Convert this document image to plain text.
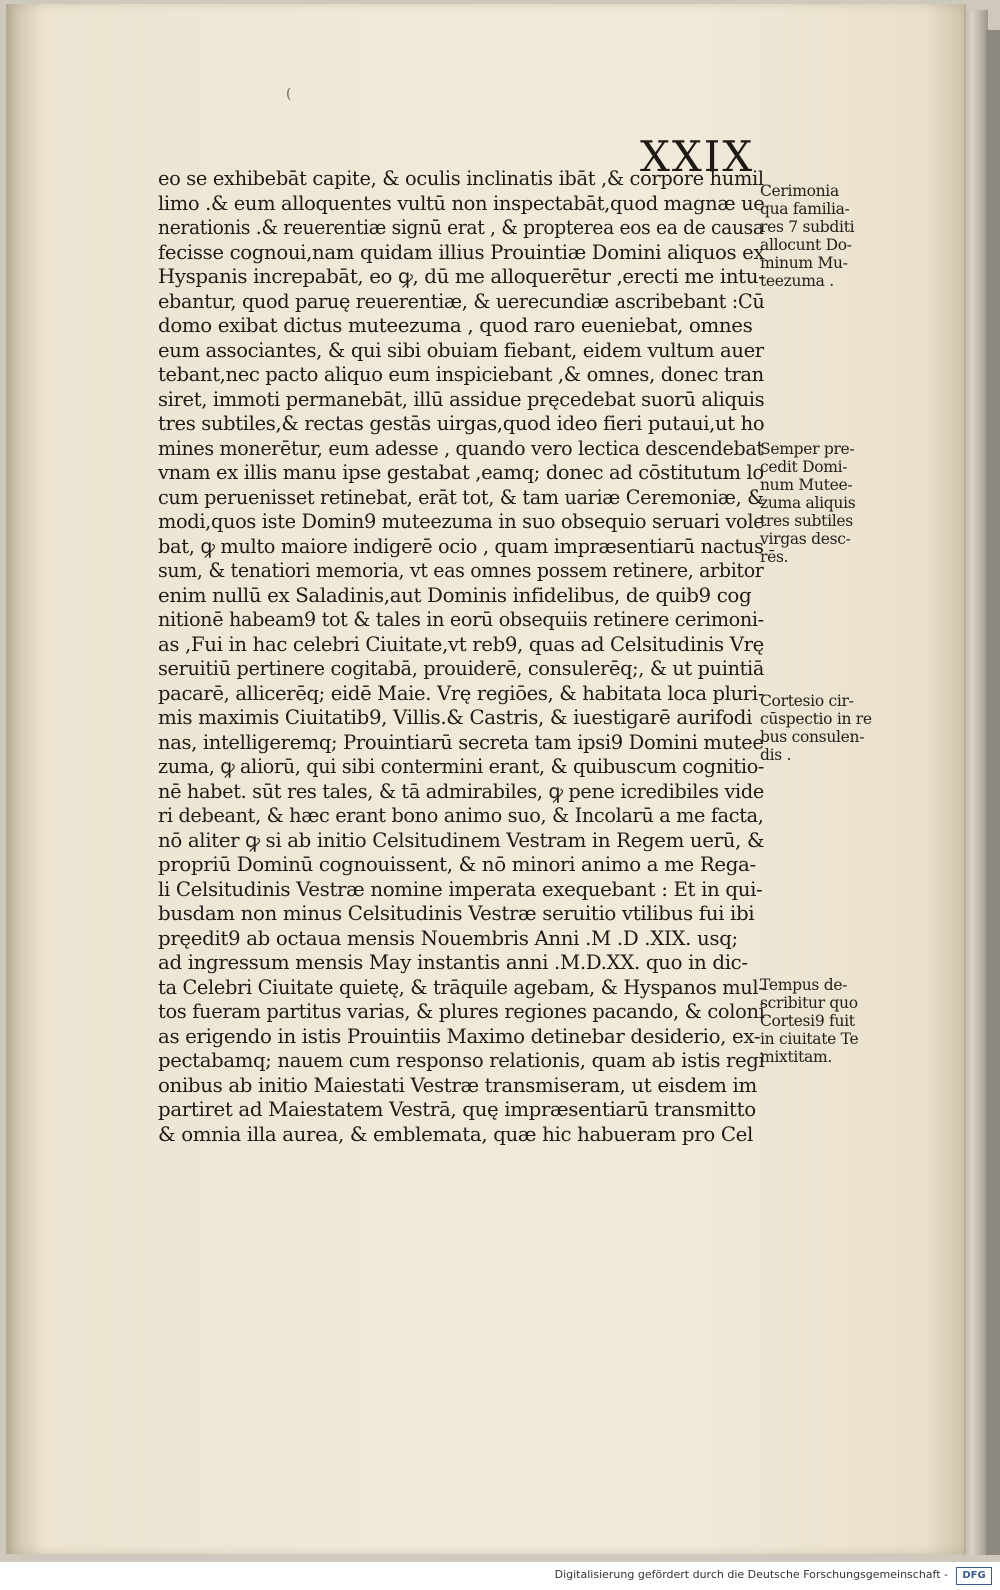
(
XXIX
eo se exhibebāt capite, & oculis inclinatis ibāt ,& corpore humil
limo .& eum alloquentes vultū non inspectabāt,quod magnæ ue
nerationis .& reuerentiæ signū erat , & propterea eos ea de causa
fecisse cognoui,nam quidam illius Prouintiæ Domini aliquos ex
Hyspanis increpabāt, eo ꝙ, dū me alloquerētur ,erecti me intu-
ebantur, quod paruę reuerentiæ, & uerecundiæ ascribebant :Cū
domo exibat dictus muteezuma , quod raro eueniebat, omnes
eum associantes, & qui sibi obuiam fiebant, eidem vultum auer
tebant,nec pacto aliquo eum inspiciebant ,& omnes, donec tran
siret, immoti permanebāt, illū assidue pręcedebat suorū aliquis
tres subtiles,& rectas gestās uirgas,quod ideo fieri putaui,ut ho
mines monerētur, eum adesse , quando vero lectica descendebat
vnam ex illis manu ipse gestabat ,eamq; donec ad cōstitutum lo
cum peruenisset retinebat, erāt tot, & tam uariæ Ceremoniæ, &
modi,quos iste Domin9 muteezuma in suo obsequio seruari vole
bat, ꝙ multo maiore indigerē ocio , quam impræsentiarū nactus
sum, & tenatiori memoria, vt eas omnes possem retinere, arbitor
enim nullū ex Saladinis,aut Dominis infidelibus, de quib9 cog
nitionē habeam9 tot & tales in eorū obsequiis retinere cerimoni-
as ,Fui in hac celebri Ciuitate,vt reb9, quas ad Celsitudinis Vrę
seruitiū pertinere cogitabā, prouiderē, consulerēq;, & ut puintiā
pacarē, allicerēq; eidē Maie. Vrę regiōes, & habitata loca pluri-
mis maximis Ciuitatib9, Villis.& Castris, & iuestigarē aurifodi
nas, intelligeremq; Prouintiarū secreta tam ipsi9 Domini mutee
zuma, ꝙ aliorū, qui sibi contermini erant, & quibuscum cognitio-
nē habet. sūt res tales, & tā admirabiles, ꝙ pene icredibiles vide
ri debeant, & hæc erant bono animo suo, & Incolarū a me facta,
nō aliter ꝙ si ab initio Celsitudinem Vestram in Regem uerū, &
propriū Dominū cognouissent, & nō minori animo a me Rega-
li Celsitudinis Vestræ nomine imperata exequebant : Et in qui-
busdam non minus Celsitudinis Vestræ seruitio vtilibus fui ibi
pręedit9 ab octaua mensis Nouembris Anni .M .D .XIX. usq;
ad ingressum mensis May instantis anni .M.D.XX. quo in dic-
ta Celebri Ciuitate quietę, & trāquile agebam, & Hyspanos mul-
tos fueram partitus varias, & plures regiones pacando, & coloni
as erigendo in istis Prouintiis Maximo detinebar desiderio, ex-
pectabamq; nauem cum responso relationis, quam ab istis regi
onibus ab initio Maiestati Vestræ transmiseram, ut eisdem im
partiret ad Maiestatem Vestrā, quę impræsentiarū transmitto
& omnia illa aurea, & emblemata, quæ hic habueram pro Cel
Cerimonia
qua familia-
res 7 subditi
allocunt Do-
minum Mu-
teezuma .
Semper pre-
cedit Domi-
num Mutee-
zuma aliquis
tres subtiles
virgas desc-
rēs.
Cortesio cir-
cūspectio in re
bus consulen-
dis .
Tempus de-
scribitur quo
Cortesi9 fuit
in ciuitate Te
mixtitam.
Digitalisierung gefördert durch die Deutsche Forschungsgemeinschaft -	DFG
